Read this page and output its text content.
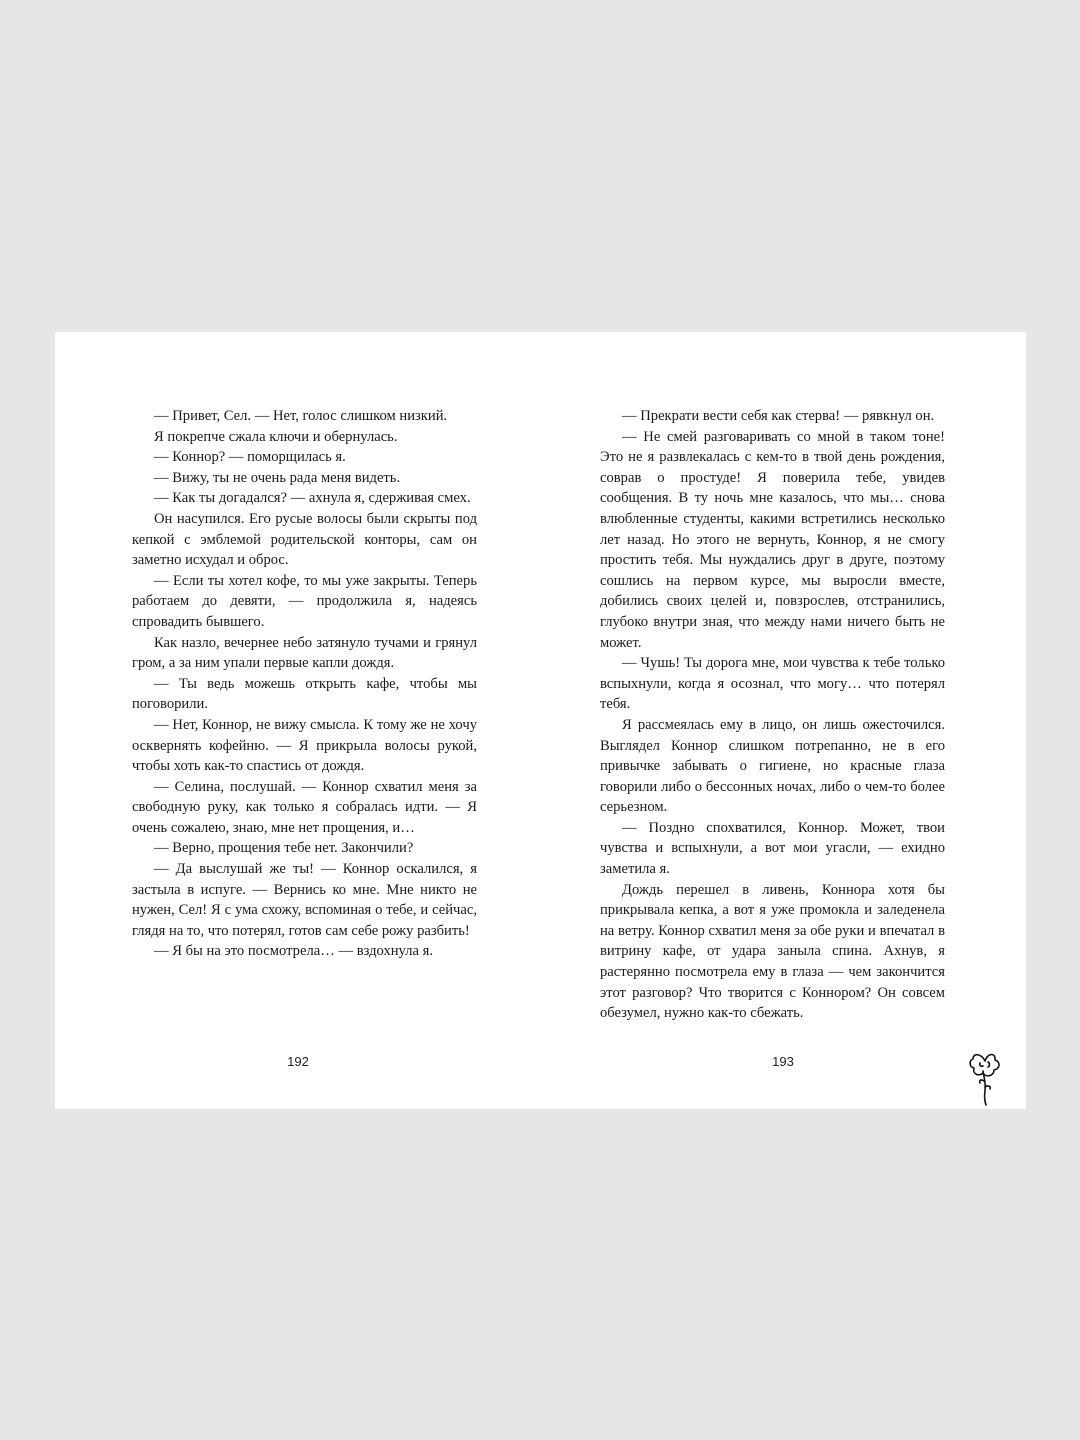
— Привет, Сел. — Нет, голос слишком низкий.

Я покрепче сжала ключи и обернулась.

— Коннор? — поморщилась я.

— Вижу, ты не очень рада меня видеть.

— Как ты догадался? — ахнула я, сдерживая смех.

Он насупился. Его русые волосы были скрыты под кепкой с эмблемой родительской конторы, сам он заметно исхудал и оброс.

— Если ты хотел кофе, то мы уже закрыты. Теперь работаем до девяти, — продолжила я, надеясь спровадить бывшего.

Как назло, вечернее небо затянуло тучами и грянул гром, а за ним упали первые капли дождя.

— Ты ведь можешь открыть кафе, чтобы мы поговорили.

— Нет, Коннор, не вижу смысла. К тому же не хочу осквернять кофейню. — Я прикрыла волосы рукой, чтобы хоть как-то спастись от дождя.

— Селина, послушай. — Коннор схватил меня за свободную руку, как только я собралась идти. — Я очень сожалею, знаю, мне нет прощения, и…

— Верно, прощения тебе нет. Закончили?

— Да выслушай же ты! — Коннор оскалился, я застыла в испуге. — Вернись ко мне. Мне никто не нужен, Сел! Я с ума схожу, вспоминая о тебе, и сейчас, глядя на то, что потерял, готов сам себе рожу разбить!

— Я бы на это посмотрела… — вздохнула я.

— Прекрати вести себя как стерва! — рявкнул он.

— Не смей разговаривать со мной в таком тоне! Это не я развлекалась с кем-то в твой день рождения, соврав о простуде! Я поверила тебе, увидев сообщения. В ту ночь мне казалось, что мы… снова влюбленные студенты, какими встретились несколько лет назад. Но этого не вернуть, Коннор, я не смогу простить тебя. Мы нуждались друг в друге, поэтому сошлись на первом курсе, мы выросли вместе, добились своих целей и, повзрослев, отстранились, глубоко внутри зная, что между нами ничего быть не может.

— Чушь! Ты дорога мне, мои чувства к тебе только вспыхнули, когда я осознал, что могу… что потерял тебя.

Я рассмеялась ему в лицо, он лишь ожесточился. Выглядел Коннор слишком потрепанно, не в его привычке забывать о гигиене, но красные глаза говорили либо о бессонных ночах, либо о чем-то более серьезном.

— Поздно спохватился, Коннор. Может, твои чувства и вспыхнули, а вот мои угасли, — ехидно заметила я.

Дождь перешел в ливень, Коннора хотя бы прикрывала кепка, а вот я уже промокла и заледенела на ветру. Коннор схватил меня за обе руки и впечатал в витрину кафе, от удара заныла спина. Ахнув, я растерянно посмотрела ему в глаза — чем закончится этот разговор? Что творится с Коннором? Он совсем обезумел, нужно как-то сбежать.

192	193
